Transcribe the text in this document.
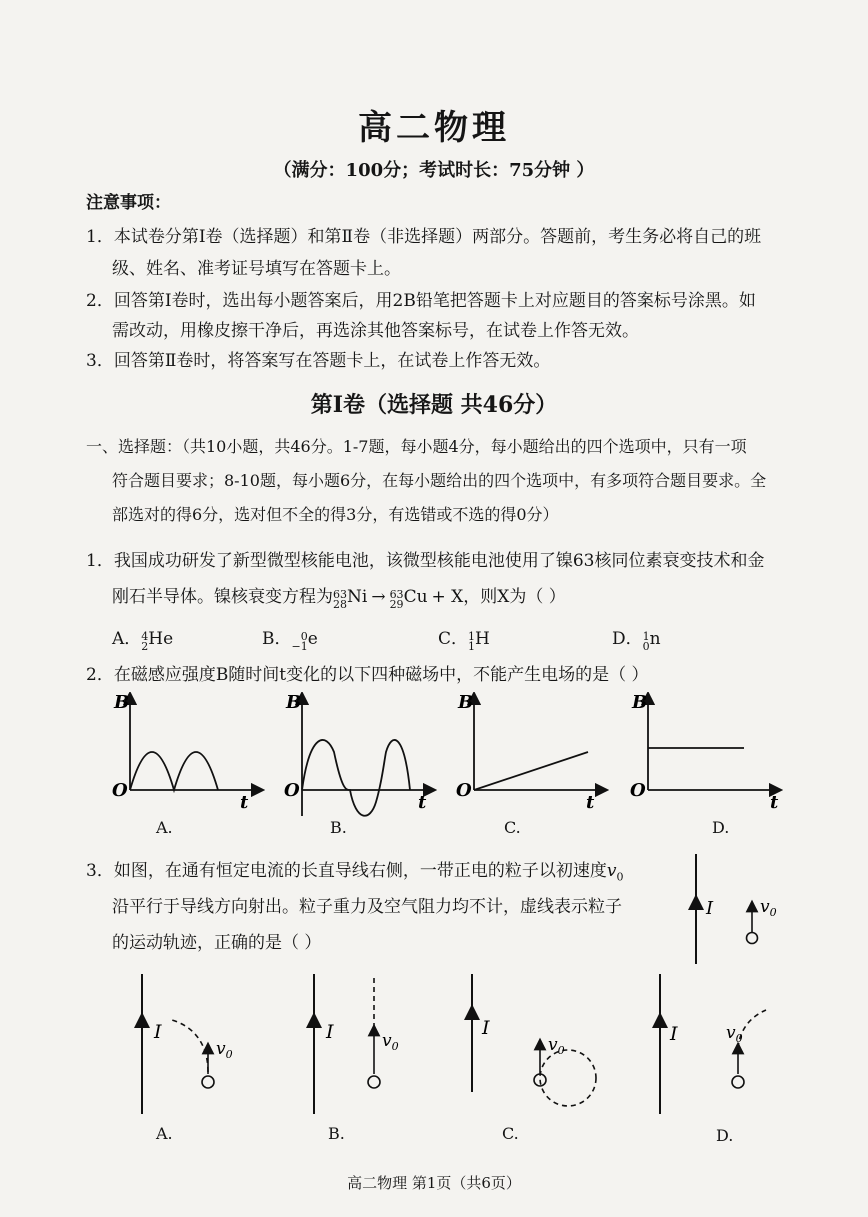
高二物理
（满分：100分；考试时长：75分钟 ）
注意事项：
1．本试卷分第Ⅰ卷（选择题）和第Ⅱ卷（非选择题）两部分。答题前，考生务必将自己的班
级、姓名、准考证号填写在答题卡上。
2．回答第Ⅰ卷时，选出每小题答案后，用2B铅笔把答题卡上对应题目的答案标号涂黑。如
需改动，用橡皮擦干净后，再选涂其他答案标号，在试卷上作答无效。
3．回答第Ⅱ卷时，将答案写在答题卡上，在试卷上作答无效。
第Ⅰ卷（选择题 共46分）
一、选择题：（共10小题，共46分。1-7题，每小题4分，每小题给出的四个选项中，只有一项
符合题目要求；8-10题，每小题6分，在每小题给出的四个选项中，有多项符合题目要求。全
部选对的得6分，选对但不全的得3分，有选错或不选的得0分）
1．我国成功研发了新型微型核能电池，该微型核能电池使用了镍63核同位素衰变技术和金
刚石半导体。镍核衰变方程为 63
28 Ni → 63
29 Cu + X，则X为（ ）
A． 4
2 He	B． 0
−1 e	C． 1
1 H	D． 1
0 n
2．在磁感应强度B随时间t变化的以下四种磁场中，不能产生电场的是（ ）
B
O
t
A.
B
O
t
B.
B
O
t
C.
B
O
t
D.
3．如图，在通有恒定电流的长直导线右侧，一带正电的粒子以初速度$v_0$
沿平行于导线方向射出。粒子重力及空气阻力均不计，虚线表示粒子
的运动轨迹，正确的是（ ）
I	$v_0$
I
$v_0$
A.
I	$v_0$
B.
I
$v_0$
C.
I	$v_0$
D.
高二物理 第1页（共6页）
